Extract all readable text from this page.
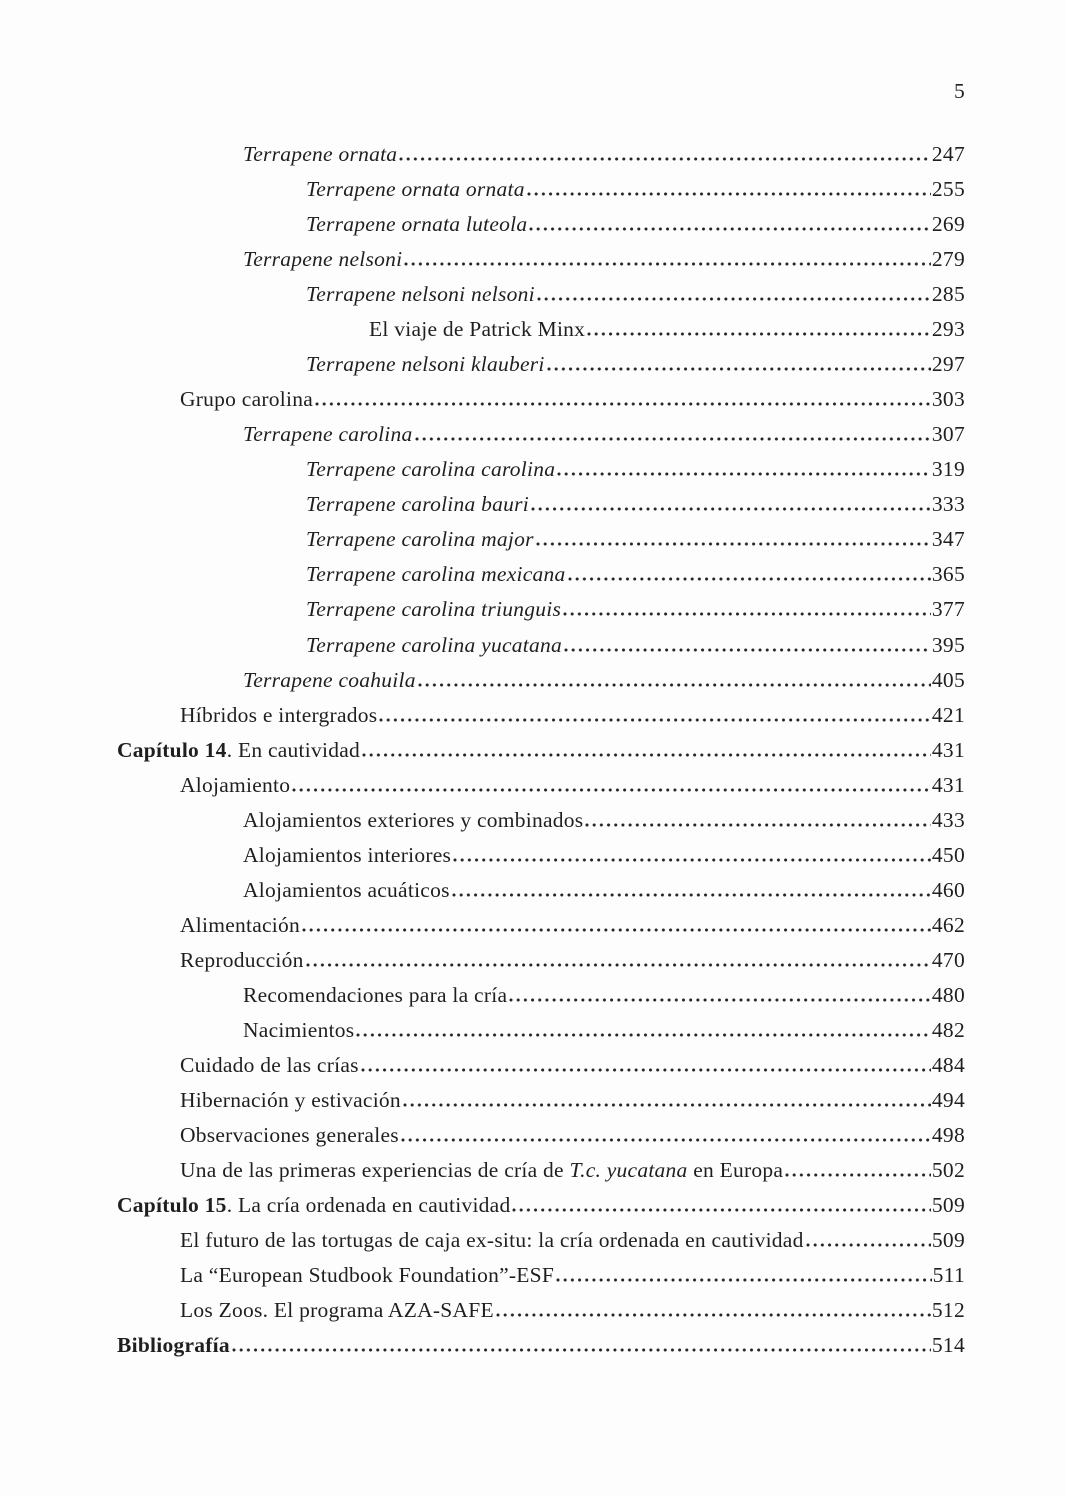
5
Terrapene ornata	247
Terrapene ornata ornata	255
Terrapene ornata luteola	269
Terrapene nelsoni	279
Terrapene nelsoni nelsoni	285
El viaje de Patrick Minx	293
Terrapene nelsoni klauberi	297
Grupo carolina	303
Terrapene carolina	307
Terrapene carolina carolina	319
Terrapene carolina bauri	333
Terrapene carolina major	347
Terrapene carolina mexicana	365
Terrapene carolina triunguis	377
Terrapene carolina yucatana	395
Terrapene coahuila	405
Híbridos e intergrados	421
Capítulo 14. En cautividad	431
Alojamiento	431
Alojamientos exteriores y combinados	433
Alojamientos interiores	450
Alojamientos acuáticos	460
Alimentación	462
Reproducción	470
Recomendaciones para la cría	480
Nacimientos	482
Cuidado de las crías	484
Hibernación y estivación	494
Observaciones generales	498
Una de las primeras experiencias de cría de T.c. yucatana en Europa	502
Capítulo 15. La cría ordenada en cautividad	509
El futuro de las tortugas de caja ex-situ: la cría ordenada en cautividad	509
La “European Studbook Foundation”-ESF	511
Los Zoos. El programa AZA-SAFE	512
Bibliografía	514
